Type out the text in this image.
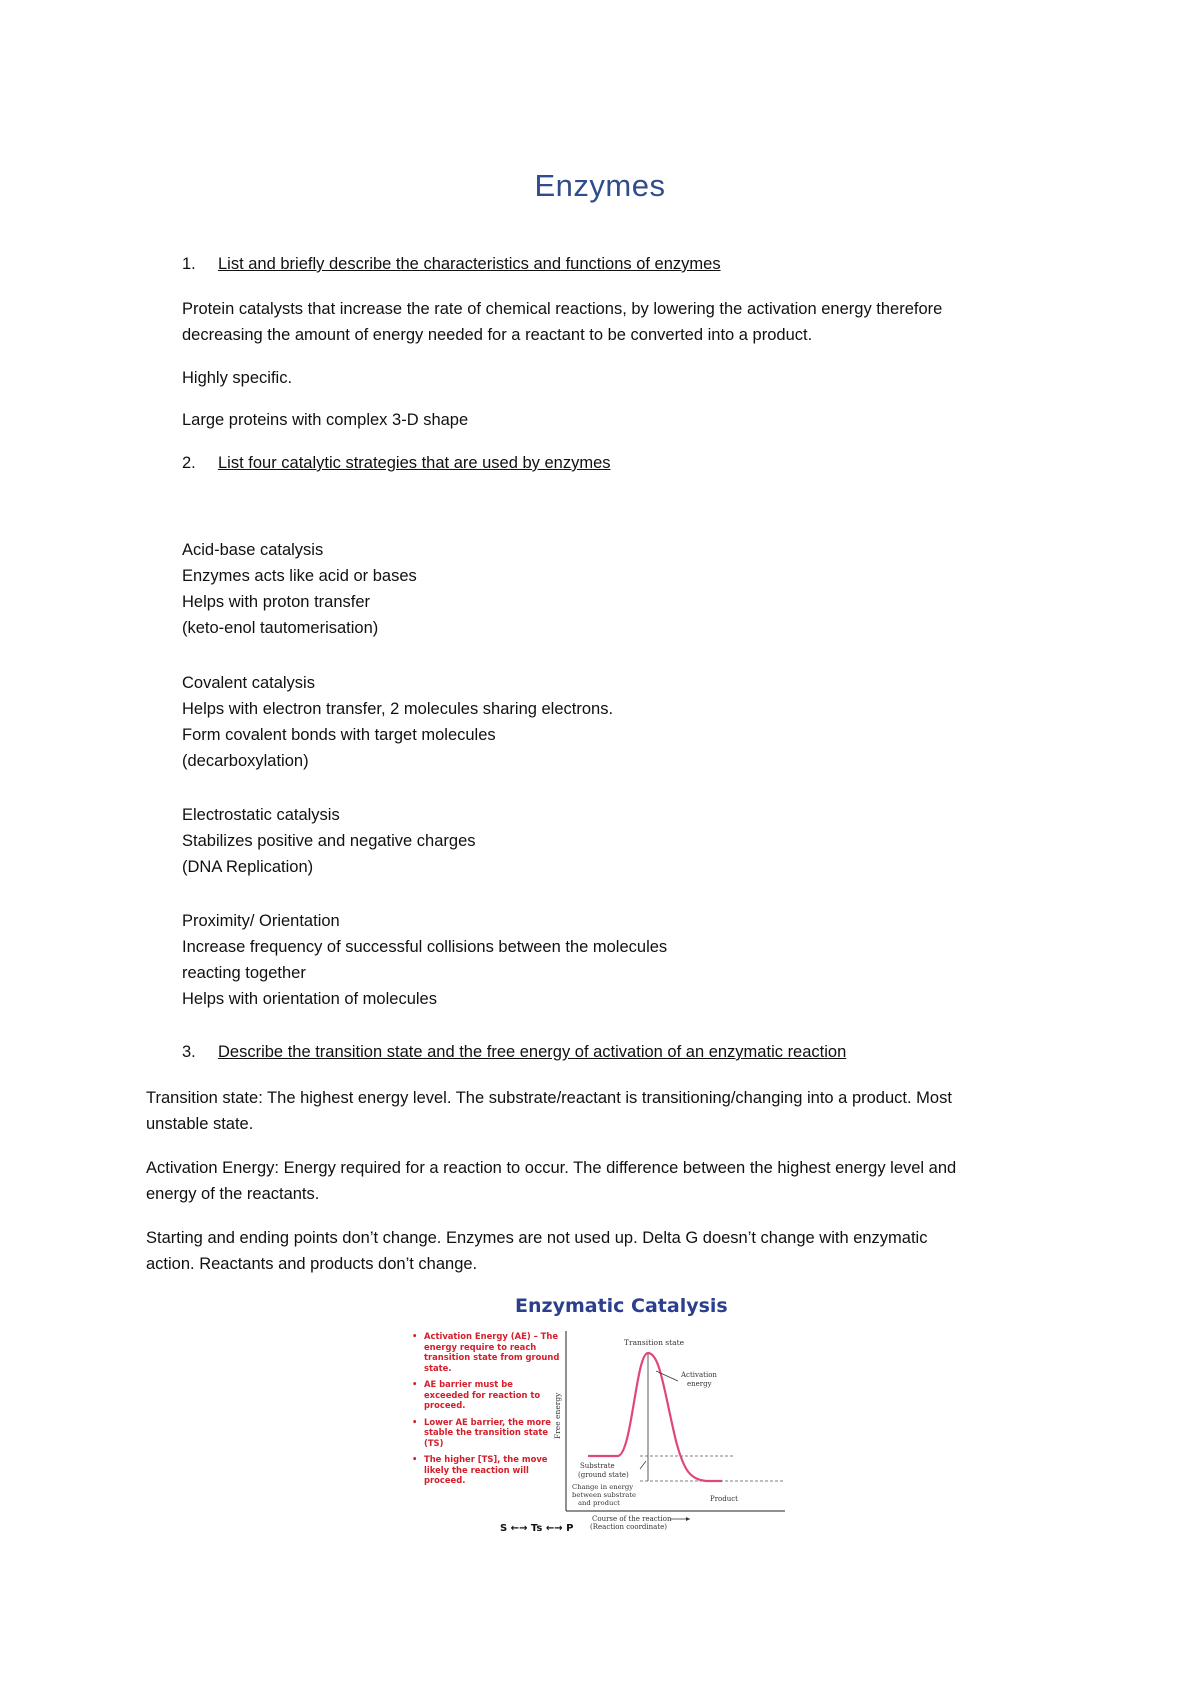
Enzymes
1. List and briefly describe the characteristics and functions of enzymes
Protein catalysts that increase the rate of chemical reactions, by lowering the activation energy therefore
decreasing the amount of energy needed for a reactant to be converted into a product.
Highly specific.
Large proteins with complex 3-D shape
2. List four catalytic strategies that are used by enzymes
Acid-base catalysis
Enzymes acts like acid or bases
Helps with proton transfer
(keto-enol tautomerisation)
Covalent catalysis
Helps with electron transfer, 2 molecules sharing electrons.
Form covalent bonds with target molecules
(decarboxylation)
Electrostatic catalysis
Stabilizes positive and negative charges
(DNA Replication)
Proximity/ Orientation
Increase frequency of successful collisions between the molecules
reacting together
Helps with orientation of molecules
3. Describe the transition state and the free energy of activation of an enzymatic reaction
Transition state: The highest energy level. The substrate/reactant is transitioning/changing into a product. Most
unstable state.
Activation Energy: Energy required for a reaction to occur. The difference between the highest energy level and
energy of the reactants.
Starting and ending points don’t change. Enzymes are not used up. Delta G doesn’t change with enzymatic
action. Reactants and products don’t change.
Enzymatic Catalysis
• Activation Energy (AE) – The energy require to reach transition state from ground state.
• AE barrier must be exceeded for reaction to proceed.
• Lower AE barrier, the more stable the transition state (TS)
• The higher [TS], the move likely the reaction will proceed.
Transition state
Activation
energy
Free energy
Substrate
(ground state)
Change in energy
between substrate
and product	Product
Course of the reaction
(Reaction coordinate)
S ←→ Ts ←→ P
